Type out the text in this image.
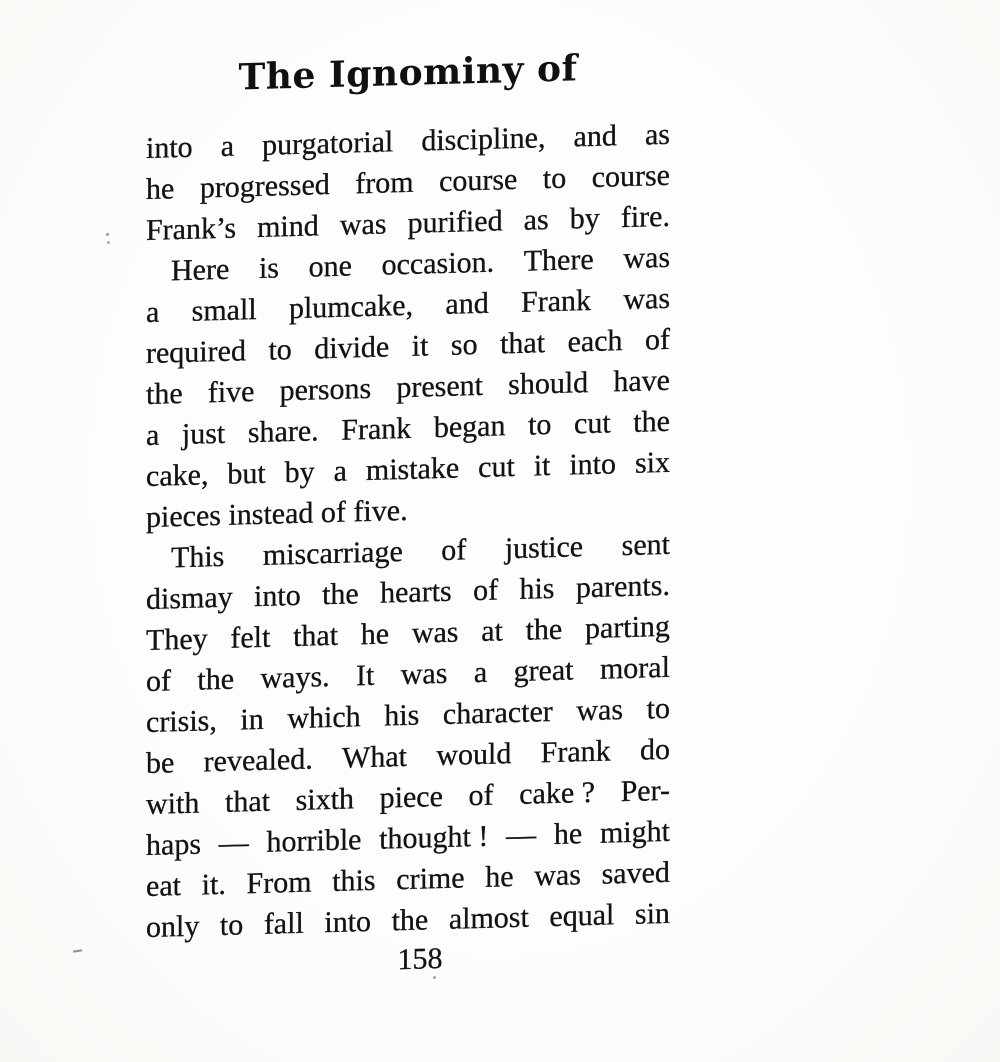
The Ignominy of
into a purgatorial discipline, and as
he progressed from course to course
Frank’s mind was purified as by fire.
Here is one occasion. There was
a small plumcake, and Frank was
required to divide it so that each of
the five persons present should have
a just share. Frank began to cut the
cake, but by a mistake cut it into six
pieces instead of five.
This miscarriage of justice sent
dismay into the hearts of his parents.
They felt that he was at the parting
of the ways. It was a great moral
crisis, in which his character was to
be revealed. What would Frank do
with that sixth piece of cake ? Per-
haps — horrible thought ! — he might
eat it. From this crime he was saved
only to fall into the almost equal sin
158
